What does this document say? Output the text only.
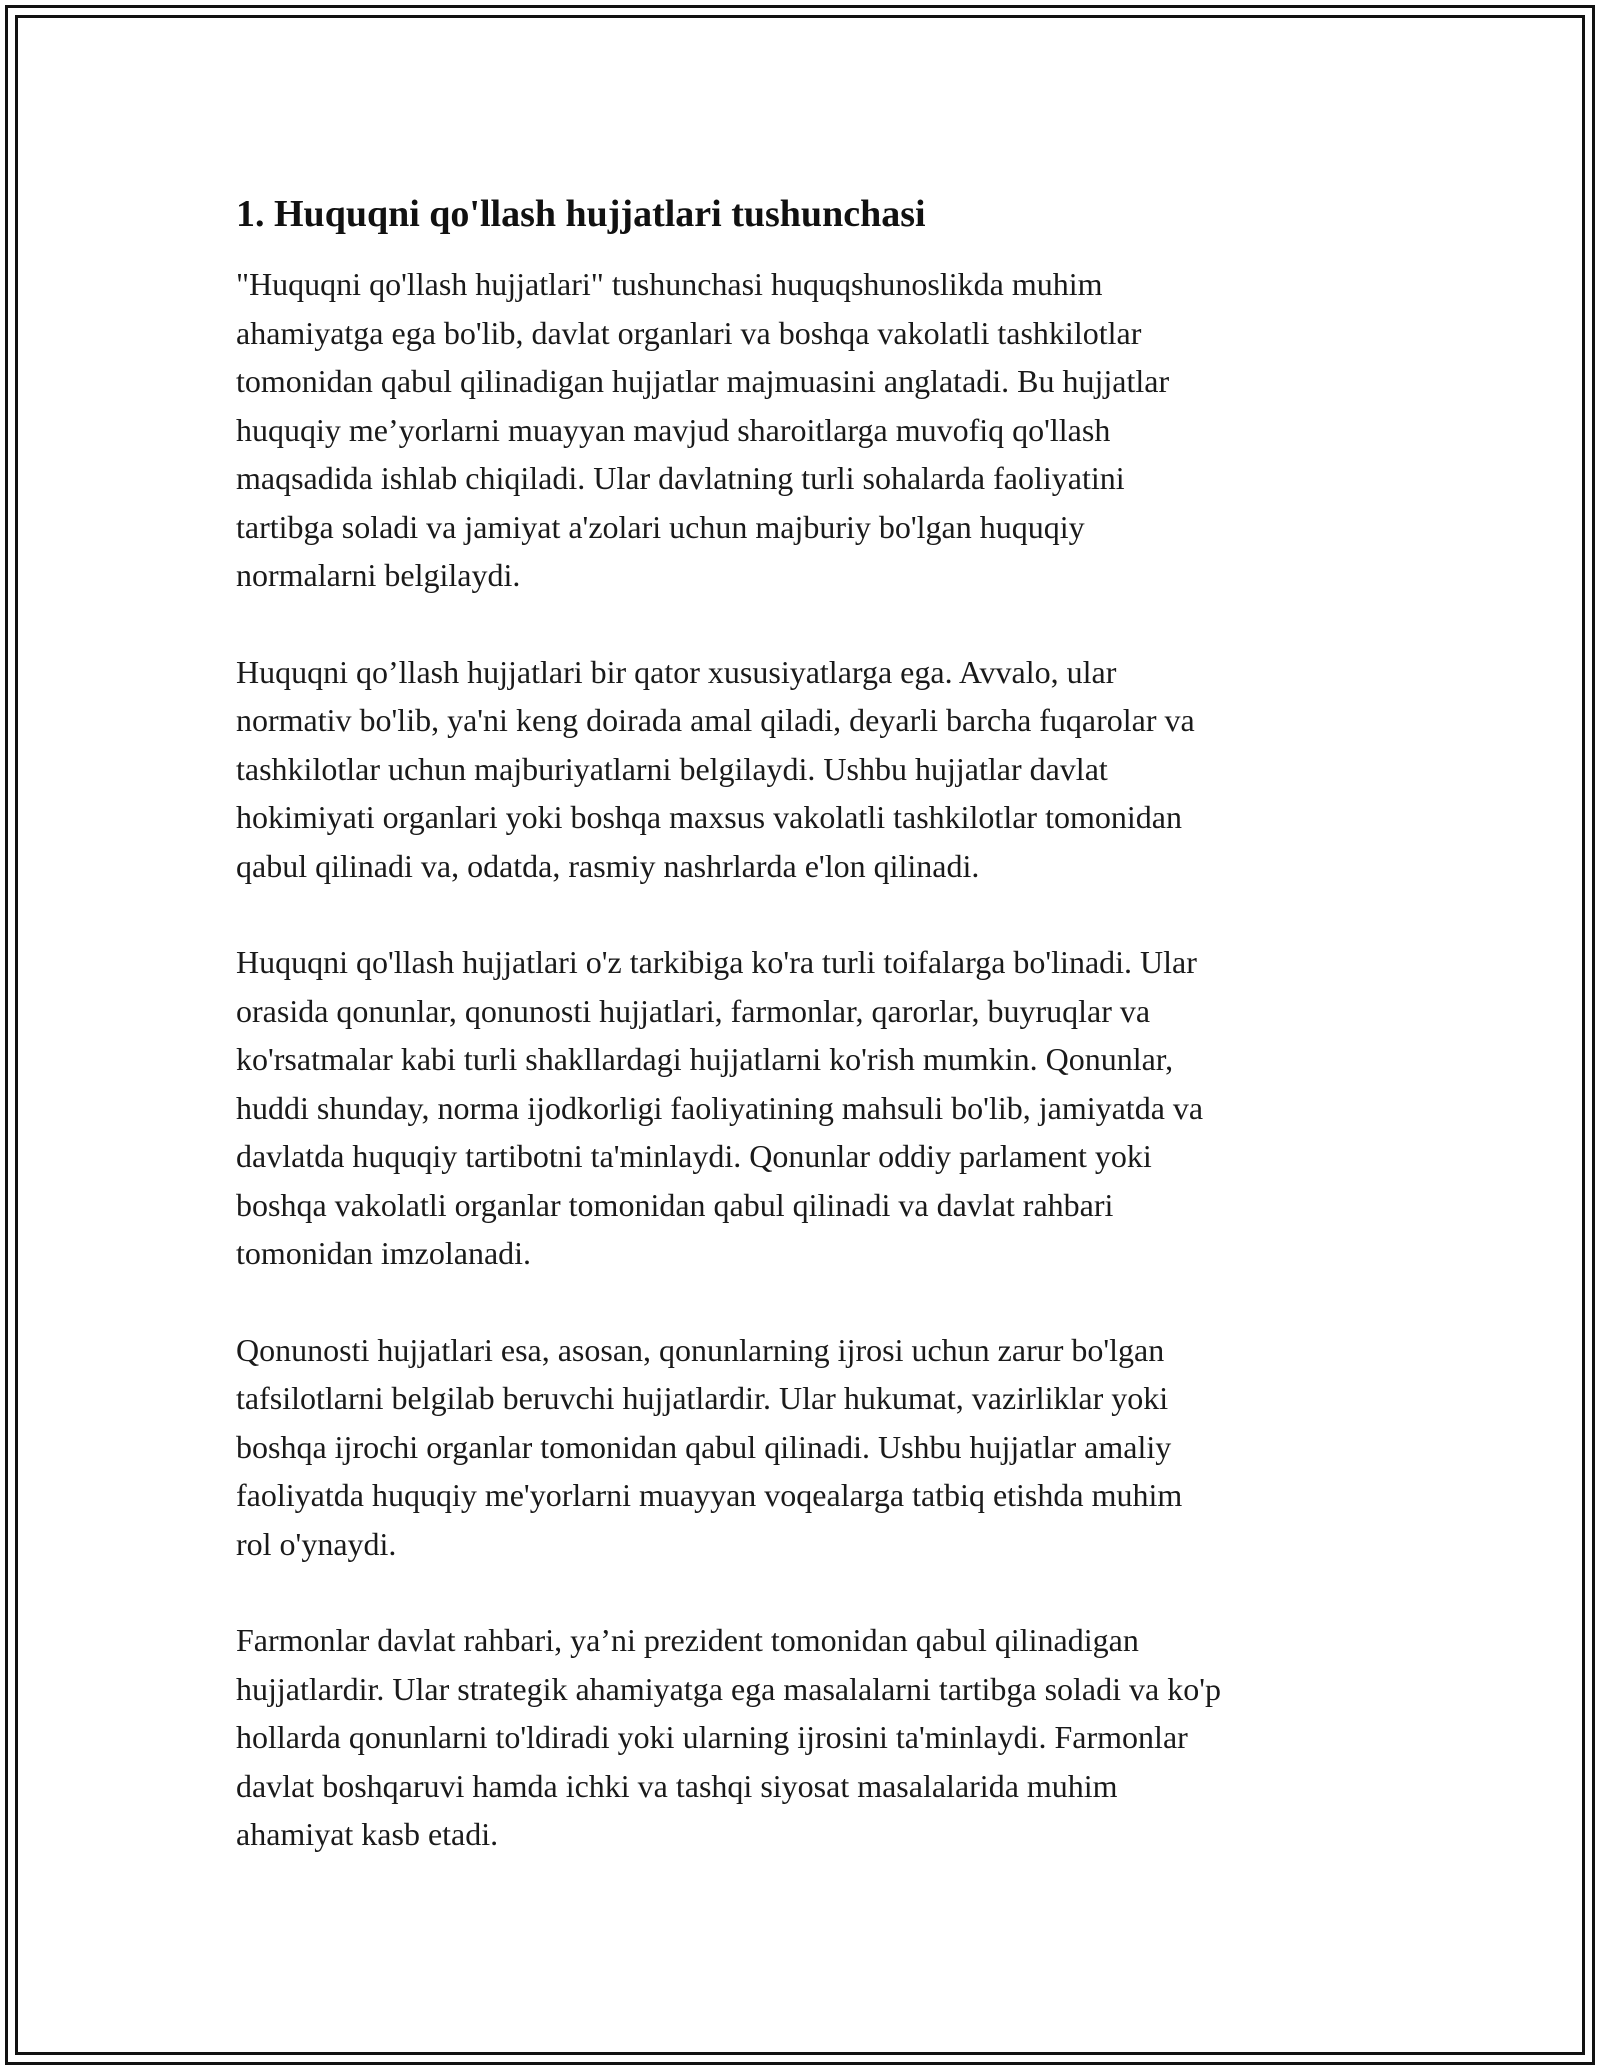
1. Huquqni qo'llash hujjatlari tushunchasi

"Huquqni qo'llash hujjatlari" tushunchasi huquqshunoslikda muhim
ahamiyatga ega bo'lib, davlat organlari va boshqa vakolatli tashkilotlar
tomonidan qabul qilinadigan hujjatlar majmuasini anglatadi. Bu hujjatlar
huquqiy me’yorlarni muayyan mavjud sharoitlarga muvofiq qo'llash
maqsadida ishlab chiqiladi. Ular davlatning turli sohalarda faoliyatini
tartibga soladi va jamiyat a'zolari uchun majburiy bo'lgan huquqiy
normalarni belgilaydi.

Huquqni qo’llash hujjatlari bir qator xususiyatlarga ega. Avvalo, ular
normativ bo'lib, ya'ni keng doirada amal qiladi, deyarli barcha fuqarolar va
tashkilotlar uchun majburiyatlarni belgilaydi. Ushbu hujjatlar davlat
hokimiyati organlari yoki boshqa maxsus vakolatli tashkilotlar tomonidan
qabul qilinadi va, odatda, rasmiy nashrlarda e'lon qilinadi.

Huquqni qo'llash hujjatlari o'z tarkibiga ko'ra turli toifalarga bo'linadi. Ular
orasida qonunlar, qonunosti hujjatlari, farmonlar, qarorlar, buyruqlar va
ko'rsatmalar kabi turli shakllardagi hujjatlarni ko'rish mumkin. Qonunlar,
huddi shunday, norma ijodkorligi faoliyatining mahsuli bo'lib, jamiyatda va
davlatda huquqiy tartibotni ta'minlaydi. Qonunlar oddiy parlament yoki
boshqa vakolatli organlar tomonidan qabul qilinadi va davlat rahbari
tomonidan imzolanadi.

Qonunosti hujjatlari esa, asosan, qonunlarning ijrosi uchun zarur bo'lgan
tafsilotlarni belgilab beruvchi hujjatlardir. Ular hukumat, vazirliklar yoki
boshqa ijrochi organlar tomonidan qabul qilinadi. Ushbu hujjatlar amaliy
faoliyatda huquqiy me'yorlarni muayyan voqealarga tatbiq etishda muhim
rol o'ynaydi.

Farmonlar davlat rahbari, ya’ni prezident tomonidan qabul qilinadigan
hujjatlardir. Ular strategik ahamiyatga ega masalalarni tartibga soladi va ko'p
hollarda qonunlarni to'ldiradi yoki ularning ijrosini ta'minlaydi. Farmonlar
davlat boshqaruvi hamda ichki va tashqi siyosat masalalarida muhim
ahamiyat kasb etadi.
